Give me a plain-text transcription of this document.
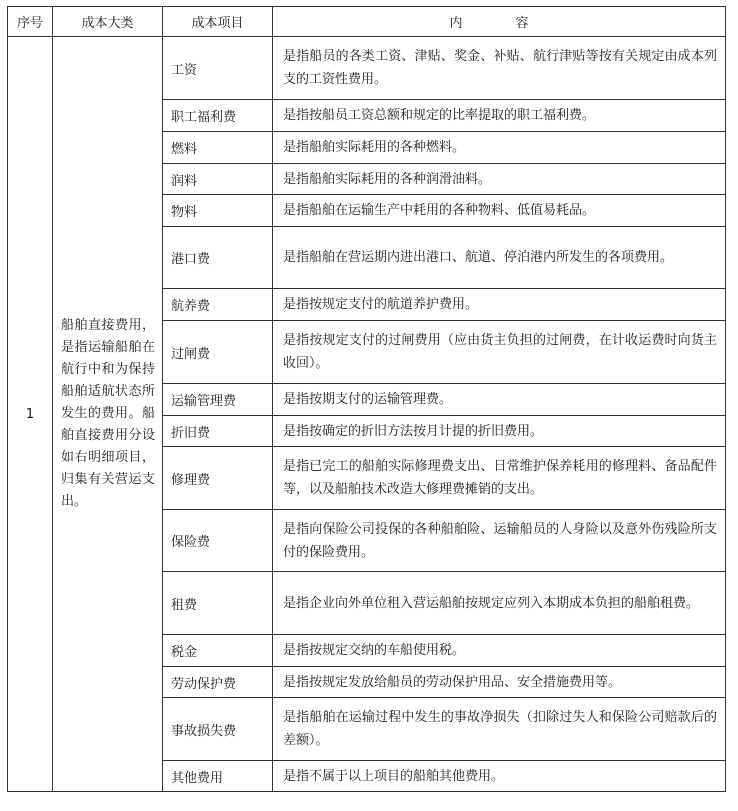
序号	成本大类	成本项目	内　容
1	船舶直接费用，是指运输船舶在航行中和为保持船舶适航状态所发生的费用。船舶直接费用分设如右明细项目，归集有关营运支出。	工资	是指船员的各类工资、津贴、奖金、补贴、航行津贴等按有关规定由成本列支的工资性费用。
		职工福利费	是指按船员工资总额和规定的比率提取的职工福利费。
		燃料	是指船舶实际耗用的各种燃料。
		润料	是指船舶实际耗用的各种润滑油料。
		物料	是指船舶在运输生产中耗用的各种物料、低值易耗品。
		港口费	是指船舶在营运期内进出港口、航道、停泊港内所发生的各项费用。
		航养费	是指按规定支付的航道养护费用。
		过闸费	是指按规定支付的过闸费用（应由货主负担的过闸费，在计收运费时向货主收回）。
		运输管理费	是指按期支付的运输管理费。
		折旧费	是指按确定的折旧方法按月计提的折旧费用。
		修理费	是指已完工的船舶实际修理费支出、日常维护保养耗用的修理料、备品配件等，以及船舶技术改造大修理费摊销的支出。
		保险费	是指向保险公司投保的各种船舶险、运输船员的人身险以及意外伤残险所支付的保险费用。
		租费	是指企业向外单位租入营运船舶按规定应列入本期成本负担的船舶租费。
		税金	是指按规定交纳的车船使用税。
		劳动保护费	是指按规定发放给船员的劳动保护用品、安全措施费用等。
		事故损失费	是指船舶在运输过程中发生的事故净损失（扣除过失人和保险公司赔款后的差额）。
		其他费用	是指不属于以上项目的船舶其他费用。
